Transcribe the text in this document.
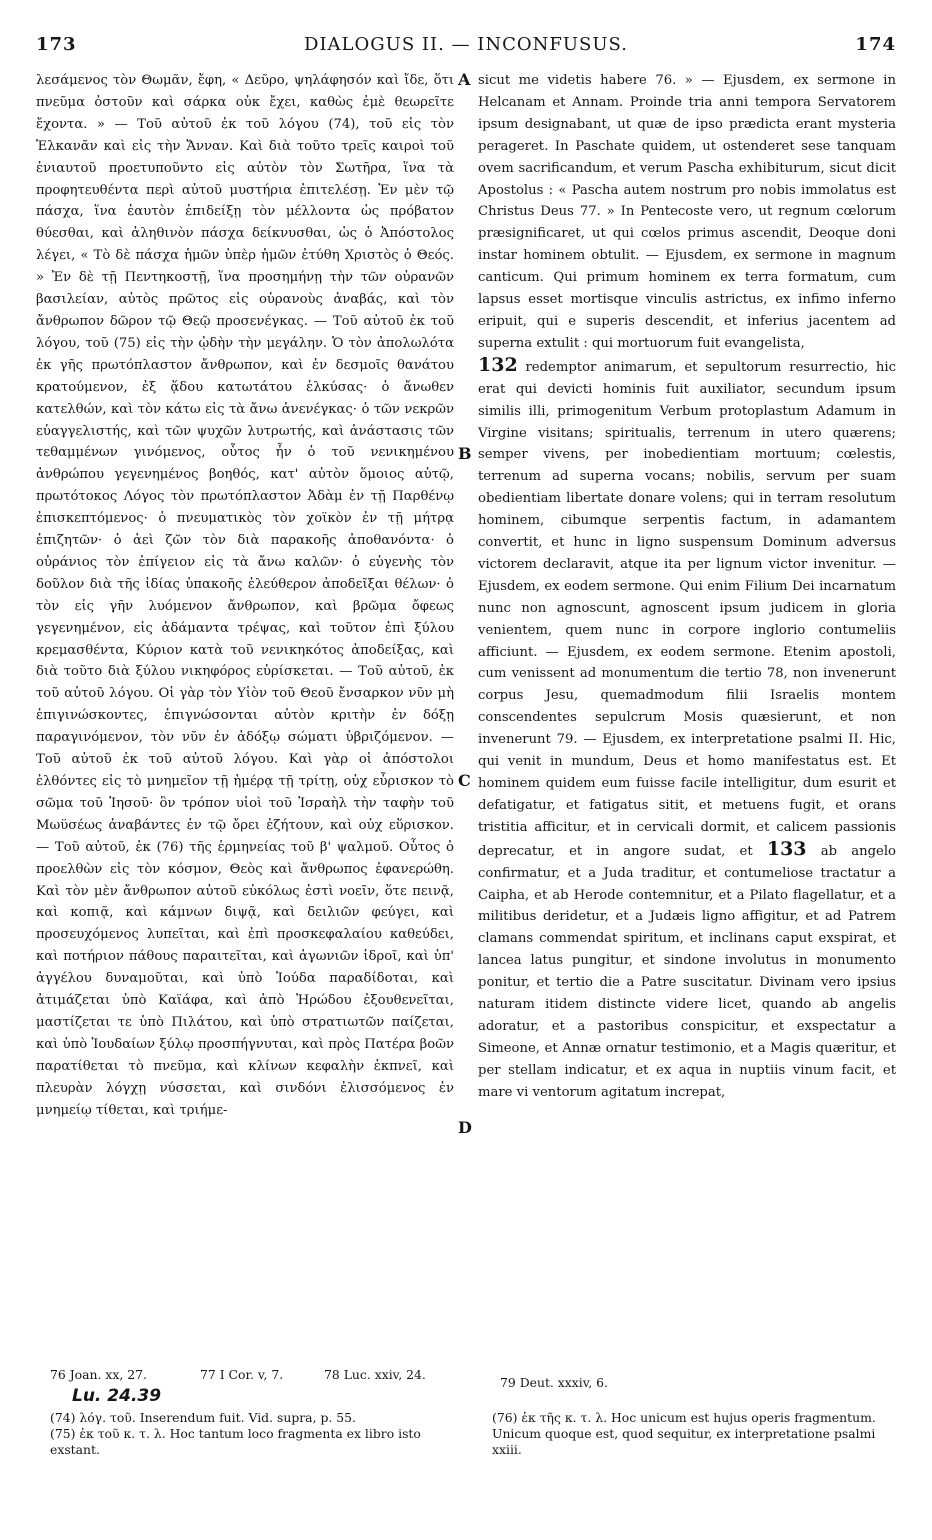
173	DIALOGUS II. — INCONFUSUS.	174

λεσάμενος τὸν Θωμᾶν, ἔφη, « Δεῦρο, ψηλάφησόν καὶ ἴδε, ὅτι πνεῦμα ὀστοῦν καὶ σάρκα οὐκ ἔχει, καθὼς ἐμὲ θεωρεῖτε ἔχοντα. » — Τοῦ αὐτοῦ ἐκ τοῦ λόγου (74), τοῦ εἰς τὸν Ἐλκανᾶν καὶ εἰς τὴν Ἄνναν. Καὶ διὰ τοῦτο τρεῖς καιροὶ τοῦ ἐνιαυτοῦ προετυποῦντο εἰς αὐτὸν τὸν Σωτῆρα, ἵνα τὰ προφητευθέντα περὶ αὐτοῦ μυστήρια ἐπιτελέσῃ. Ἐν μὲν τῷ πάσχα, ἵνα ἑαυτὸν ἐπιδείξῃ τὸν μέλλοντα ὡς πρόβατον θύεσθαι, καὶ ἀληθινὸν πάσχα δείκνυσθαι, ὡς ὁ Ἀπόστολος λέγει, « Τὸ δὲ πάσχα ἡμῶν ὑπὲρ ἡμῶν ἐτύθη Χριστὸς ὁ Θεός. » Ἐν δὲ τῇ Πεντηκοστῇ, ἵνα προσημήνῃ τὴν τῶν οὐρανῶν βασιλείαν, αὐτὸς πρῶτος εἰς οὐρανοὺς ἀναβάς, καὶ τὸν ἄνθρωπον δῶρον τῷ Θεῷ προσενέγκας. — Τοῦ αὐτοῦ ἐκ τοῦ λόγου, τοῦ (75) εἰς τὴν ᾠδὴν τὴν μεγάλην. Ὁ τὸν ἀπολωλότα ἐκ γῆς πρωτόπλαστον ἄνθρωπον, καὶ ἐν δεσμοῖς θανάτου κρατούμενον, ἐξ ᾅδου κατωτάτου ἑλκύσας· ὁ ἄνωθεν κατελθών, καὶ τὸν κάτω εἰς τὰ ἄνω ἀνενέγκας· ὁ τῶν νεκρῶν εὐαγγελιστής, καὶ τῶν ψυχῶν λυτρωτής, καὶ ἀνάστασις τῶν τεθαμμένων γινόμενος, οὗτος ἦν ὁ τοῦ νενικημένου ἀνθρώπου γεγενημένος βοηθός, κατ' αὐτὸν ὅμοιος αὐτῷ, πρωτότοκος Λόγος τὸν πρωτόπλαστον Ἀδὰμ ἐν τῇ Παρθένῳ ἐπισκεπτόμενος· ὁ πνευματικὸς τὸν χοϊκὸν ἐν τῇ μήτρᾳ ἐπιζητῶν· ὁ ἀεὶ ζῶν τὸν διὰ παρακοῆς ἀποθανόντα· ὁ οὐράνιος τὸν ἐπίγειον εἰς τὰ ἄνω καλῶν· ὁ εὐγενὴς τὸν δοῦλον διὰ τῆς ἰδίας ὑπακοῆς ἐλεύθερον ἀποδεῖξαι θέλων· ὁ τὸν εἰς γῆν λυόμενον ἄνθρωπον, καὶ βρῶμα ὄφεως γεγενημένον, εἰς ἀδάμαντα τρέψας, καὶ τοῦτον ἐπὶ ξύλου κρεμασθέντα, Κύριον κατὰ τοῦ νενικηκότος ἀποδείξας, καὶ διὰ τοῦτο διὰ ξύλου νικηφόρος εὑρίσκεται. — Τοῦ αὐτοῦ, ἐκ τοῦ αὐτοῦ λόγου. Οἱ γὰρ τὸν Υἱὸν τοῦ Θεοῦ ἔνσαρκον νῦν μὴ ἐπιγινώσκοντες, ἐπιγνώσονται αὐτὸν κριτὴν ἐν δόξῃ παραγινόμενον, τὸν νῦν ἐν ἀδόξῳ σώματι ὑβριζόμενον. — Τοῦ αὐτοῦ ἐκ τοῦ αὐτοῦ λόγου. Καὶ γὰρ οἱ ἀπόστολοι ἐλθόντες εἰς τὸ μνημεῖον τῇ ἡμέρᾳ τῇ τρίτῃ, οὐχ εὗρισκον τὸ σῶμα τοῦ Ἰησοῦ· ὃν τρόπον υἱοὶ τοῦ Ἰσραὴλ τὴν ταφὴν τοῦ Μωϋσέως ἀναβάντες ἐν τῷ ὄρει ἐζήτουν, καὶ οὐχ εὕρισκον. — Τοῦ αὐτοῦ, ἐκ (76) τῆς ἑρμηνείας τοῦ β' ψαλμοῦ. Οὗτος ὁ προελθὼν εἰς τὸν κόσμον, Θεὸς καὶ ἄνθρωπος ἐφανερώθη. Καὶ τὸν μὲν ἄνθρωπον αὐτοῦ εὐκόλως ἐστὶ νοεῖν, ὅτε πεινᾷ, καὶ κοπιᾷ, καὶ κάμνων διψᾷ, καὶ δειλιῶν φεύγει, καὶ προσευχόμενος λυπεῖται, καὶ ἐπὶ προσκεφαλαίου καθεύδει, καὶ ποτήριον πάθους παραιτεῖται, καὶ ἀγωνιῶν ἱδροῖ, καὶ ὑπ' ἀγγέλου δυναμοῦται, καὶ ὑπὸ Ἰούδα παραδίδοται, καὶ ἀτιμάζεται ὑπὸ Καϊάφα, καὶ ἀπὸ Ἡρώδου ἐξουθενεῖται, μαστίζεται τε ὑπὸ Πιλάτου, καὶ ὑπὸ στρατιωτῶν παίζεται, καὶ ὑπὸ Ἰουδαίων ξύλῳ προσπήγνυται, καὶ πρὸς Πατέρα βοῶν παρατίθεται τὸ πνεῦμα, καὶ κλίνων κεφαλὴν ἐκπνεῖ, καὶ πλευρὰν λόγχῃ νύσσεται, καὶ σινδόνι ἐλισσόμενος ἐν μνημείῳ τίθεται, καὶ τριήμε-

A
B
C
D

sicut me videtis habere 76. » — Ejusdem, ex sermone in Helcanam et Annam. Proinde tria anni tempora Servatorem ipsum designabant, ut quæ de ipso prædicta erant mysteria perageret. In Paschate quidem, ut ostenderet sese tanquam ovem sacrificandum, et verum Pascha exhibiturum, sicut dicit Apostolus : « Pascha autem nostrum pro nobis immolatus est Christus Deus 77. » In Pentecoste vero, ut regnum cœlorum præsignificaret, ut qui cœlos primus ascendit, Deoque doni instar hominem obtulit. — Ejusdem, ex sermone in magnum canticum. Qui primum hominem ex terra formatum, cum lapsus esset mortisque vinculis astrictus, ex infimo inferno eripuit, qui e superis descendit, et inferius jacentem ad superna extulit : qui mortuorum fuit evangelista,

132 redemptor animarum, et sepultorum resurrectio, hic erat qui devicti hominis fuit auxiliator, secundum ipsum similis illi, primogenitum Verbum protoplastum Adamum in Virgine visitans; spiritualis, terrenum in utero quærens; semper vivens, per inobedientiam mortuum; cœlestis, terrenum ad superna vocans; nobilis, servum per suam obedientiam libertate donare volens; qui in terram resolutum hominem, cibumque serpentis factum, in adamantem convertit, et hunc in ligno suspensum Dominum adversus victorem declaravit, atque ita per lignum victor invenitur. — Ejusdem, ex eodem sermone. Qui enim Filium Dei incarnatum nunc non agnoscunt, agnoscent ipsum judicem in gloria venientem, quem nunc in corpore inglorio contumeliis afficiunt. — Ejusdem, ex eodem sermone. Etenim apostoli, cum venissent ad monumentum die tertio 78, non invenerunt corpus Jesu, quemadmodum filii Israelis montem conscendentes sepulcrum Mosis quæsierunt, et non invenerunt 79. — Ejusdem, ex interpretatione psalmi II. Hic, qui venit in mundum, Deus et homo manifestatus est. Et hominem quidem eum fuisse facile intelligitur, dum esurit et defatigatur, et fatigatus sitit, et metuens fugit, et orans tristitia afficitur, et in cervicali dormit, et calicem passionis deprecatur, et in angore sudat, et 133 ab angelo confirmatur, et a Juda traditur, et contumeliose tractatur a Caipha, et ab Herode contemnitur, et a Pilato flagellatur, et a militibus deridetur, et a Judæis ligno affigitur, et ad Patrem clamans commendat spiritum, et inclinans caput exspirat, et lancea latus pungitur, et sindone involutus in monumento ponitur, et tertio die a Patre suscitatur. Divinam vero ipsius naturam itidem distincte videre licet, quando ab angelis adoratur, et a pastoribus conspicitur, et exspectatur a Simeone, et Annæ ornatur testimonio, et a Magis quæritur, et per stellam indicatur, et ex aqua in nuptiis vinum facit, et mare vi ventorum agitatum increpat,

76 Joan. xx, 27.	77 I Cor. v, 7.	78 Luc. xxiv, 24.
79 Deut. xxxiv, 6.
Lu. 24.39

(74) λόγ. τοῦ. Inserendum fuit. Vid. supra, p. 55.

(75) ἐκ τοῦ κ. τ. λ. Hoc tantum loco fragmenta ex libro isto exstant.

(76) ἐκ τῆς κ. τ. λ. Hoc unicum est hujus operis fragmentum. Unicum quoque est, quod sequitur, ex interpretatione psalmi xxiii.
